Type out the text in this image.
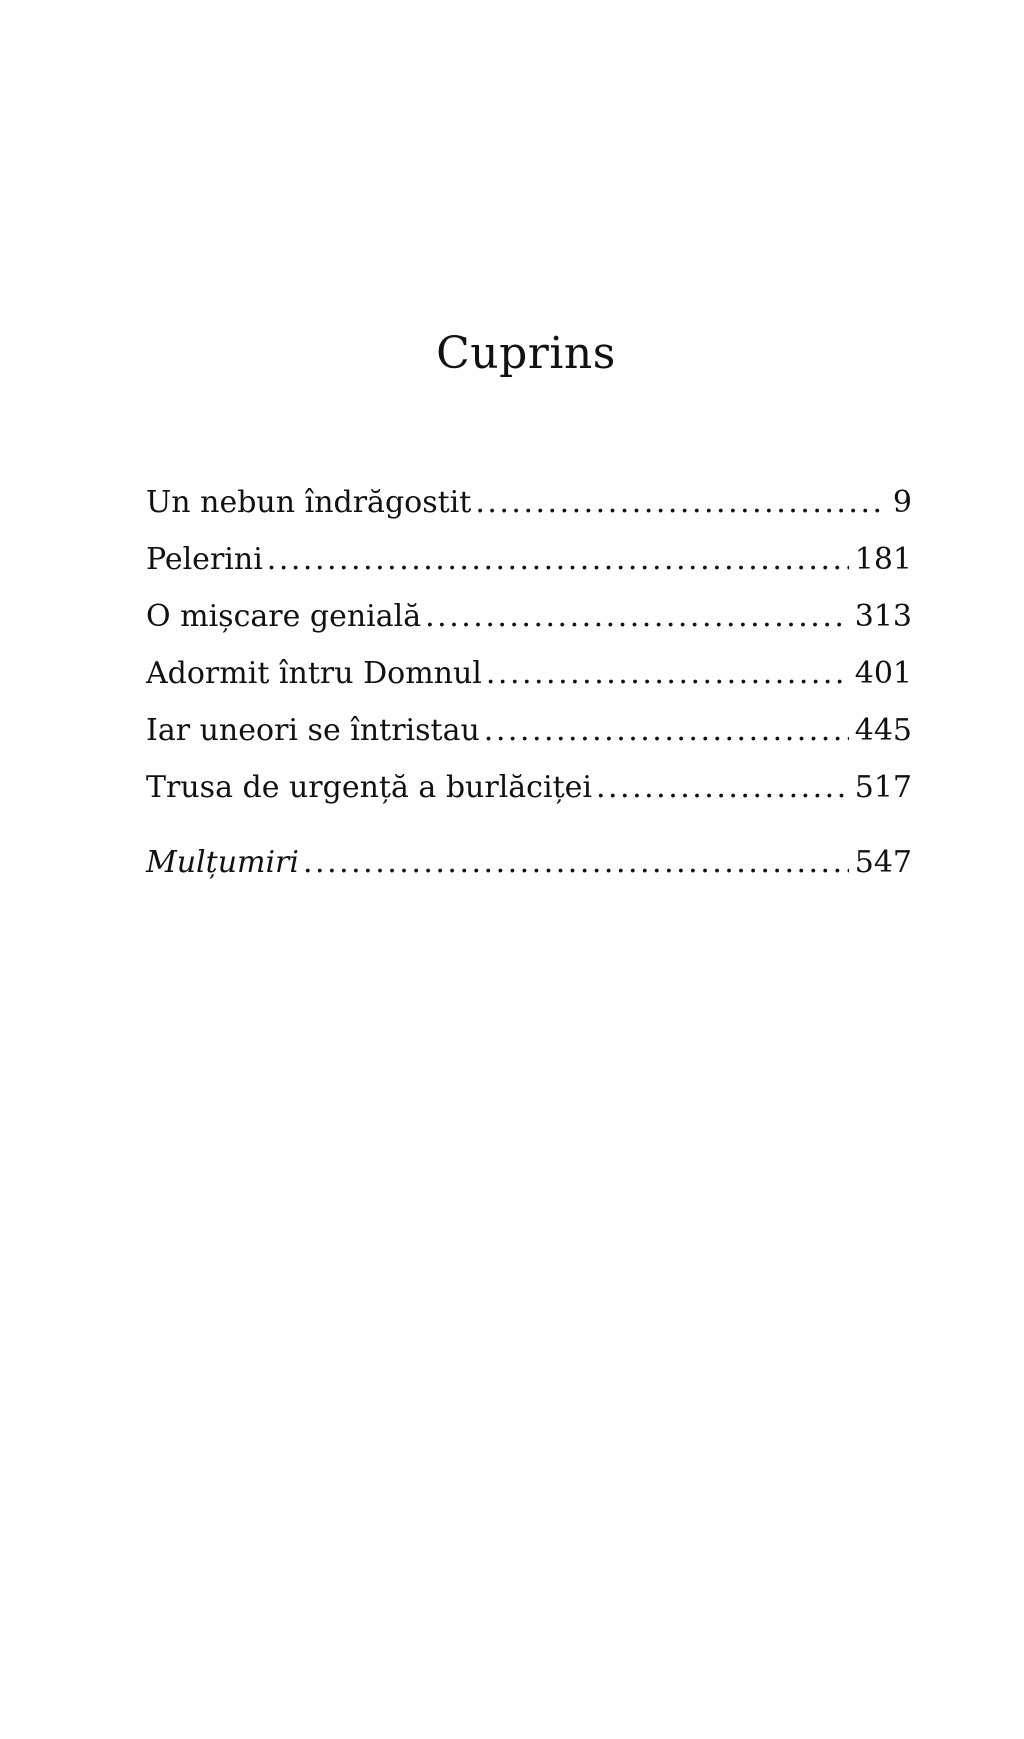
Cuprins
Un nebun îndrăgostit .....	9
Pelerini .....	181
O mișcare genială .....	313
Adormit întru Domnul .....	401
Iar uneori se întristau .....	445
Trusa de urgență a burlăciței .....	517
Mulțumiri .....	547
